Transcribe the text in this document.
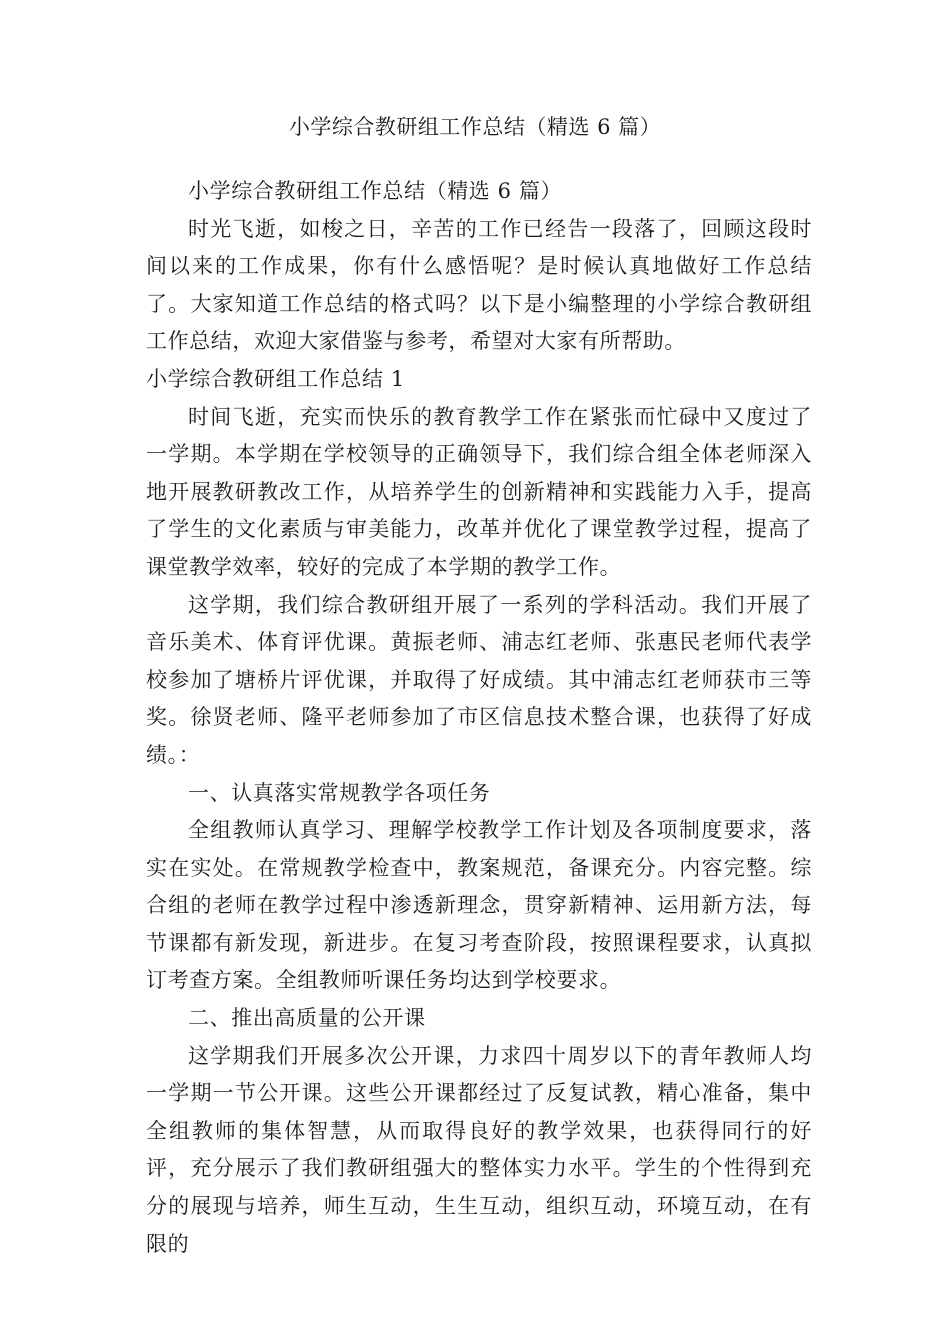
小学综合教研组工作总结（精选 6 篇）

小学综合教研组工作总结（精选 6 篇）

时光飞逝，如梭之日，辛苦的工作已经告一段落了，回顾这段时间以来的工作成果，你有什么感悟呢？是时候认真地做好工作总结了。大家知道工作总结的格式吗？以下是小编整理的小学综合教研组工作总结，欢迎大家借鉴与参考，希望对大家有所帮助。

小学综合教研组工作总结 1

时间飞逝，充实而快乐的教育教学工作在紧张而忙碌中又度过了一学期。本学期在学校领导的正确领导下，我们综合组全体老师深入地开展教研教改工作，从培养学生的创新精神和实践能力入手，提高了学生的文化素质与审美能力，改革并优化了课堂教学过程，提高了课堂教学效率，较好的完成了本学期的教学工作。

这学期，我们综合教研组开展了一系列的学科活动。我们开展了音乐美术、体育评优课。黄振老师、浦志红老师、张惠民老师代表学校参加了塘桥片评优课，并取得了好成绩。其中浦志红老师获市三等奖。徐贤老师、隆平老师参加了市区信息技术整合课，也获得了好成绩。：

一、认真落实常规教学各项任务

全组教师认真学习、理解学校教学工作计划及各项制度要求，落实在实处。在常规教学检查中，教案规范，备课充分。内容完整。综合组的老师在教学过程中渗透新理念，贯穿新精神、运用新方法，每节课都有新发现，新进步。在复习考查阶段，按照课程要求，认真拟订考查方案。全组教师听课任务均达到学校要求。

二、推出高质量的公开课

这学期我们开展多次公开课，力求四十周岁以下的青年教师人均一学期一节公开课。这些公开课都经过了反复试教，精心准备，集中全组教师的集体智慧，从而取得良好的教学效果，也获得同行的好评，充分展示了我们教研组强大的整体实力水平。学生的个性得到充分的展现与培养，师生互动，生生互动，组织互动，环境互动，在有限的
